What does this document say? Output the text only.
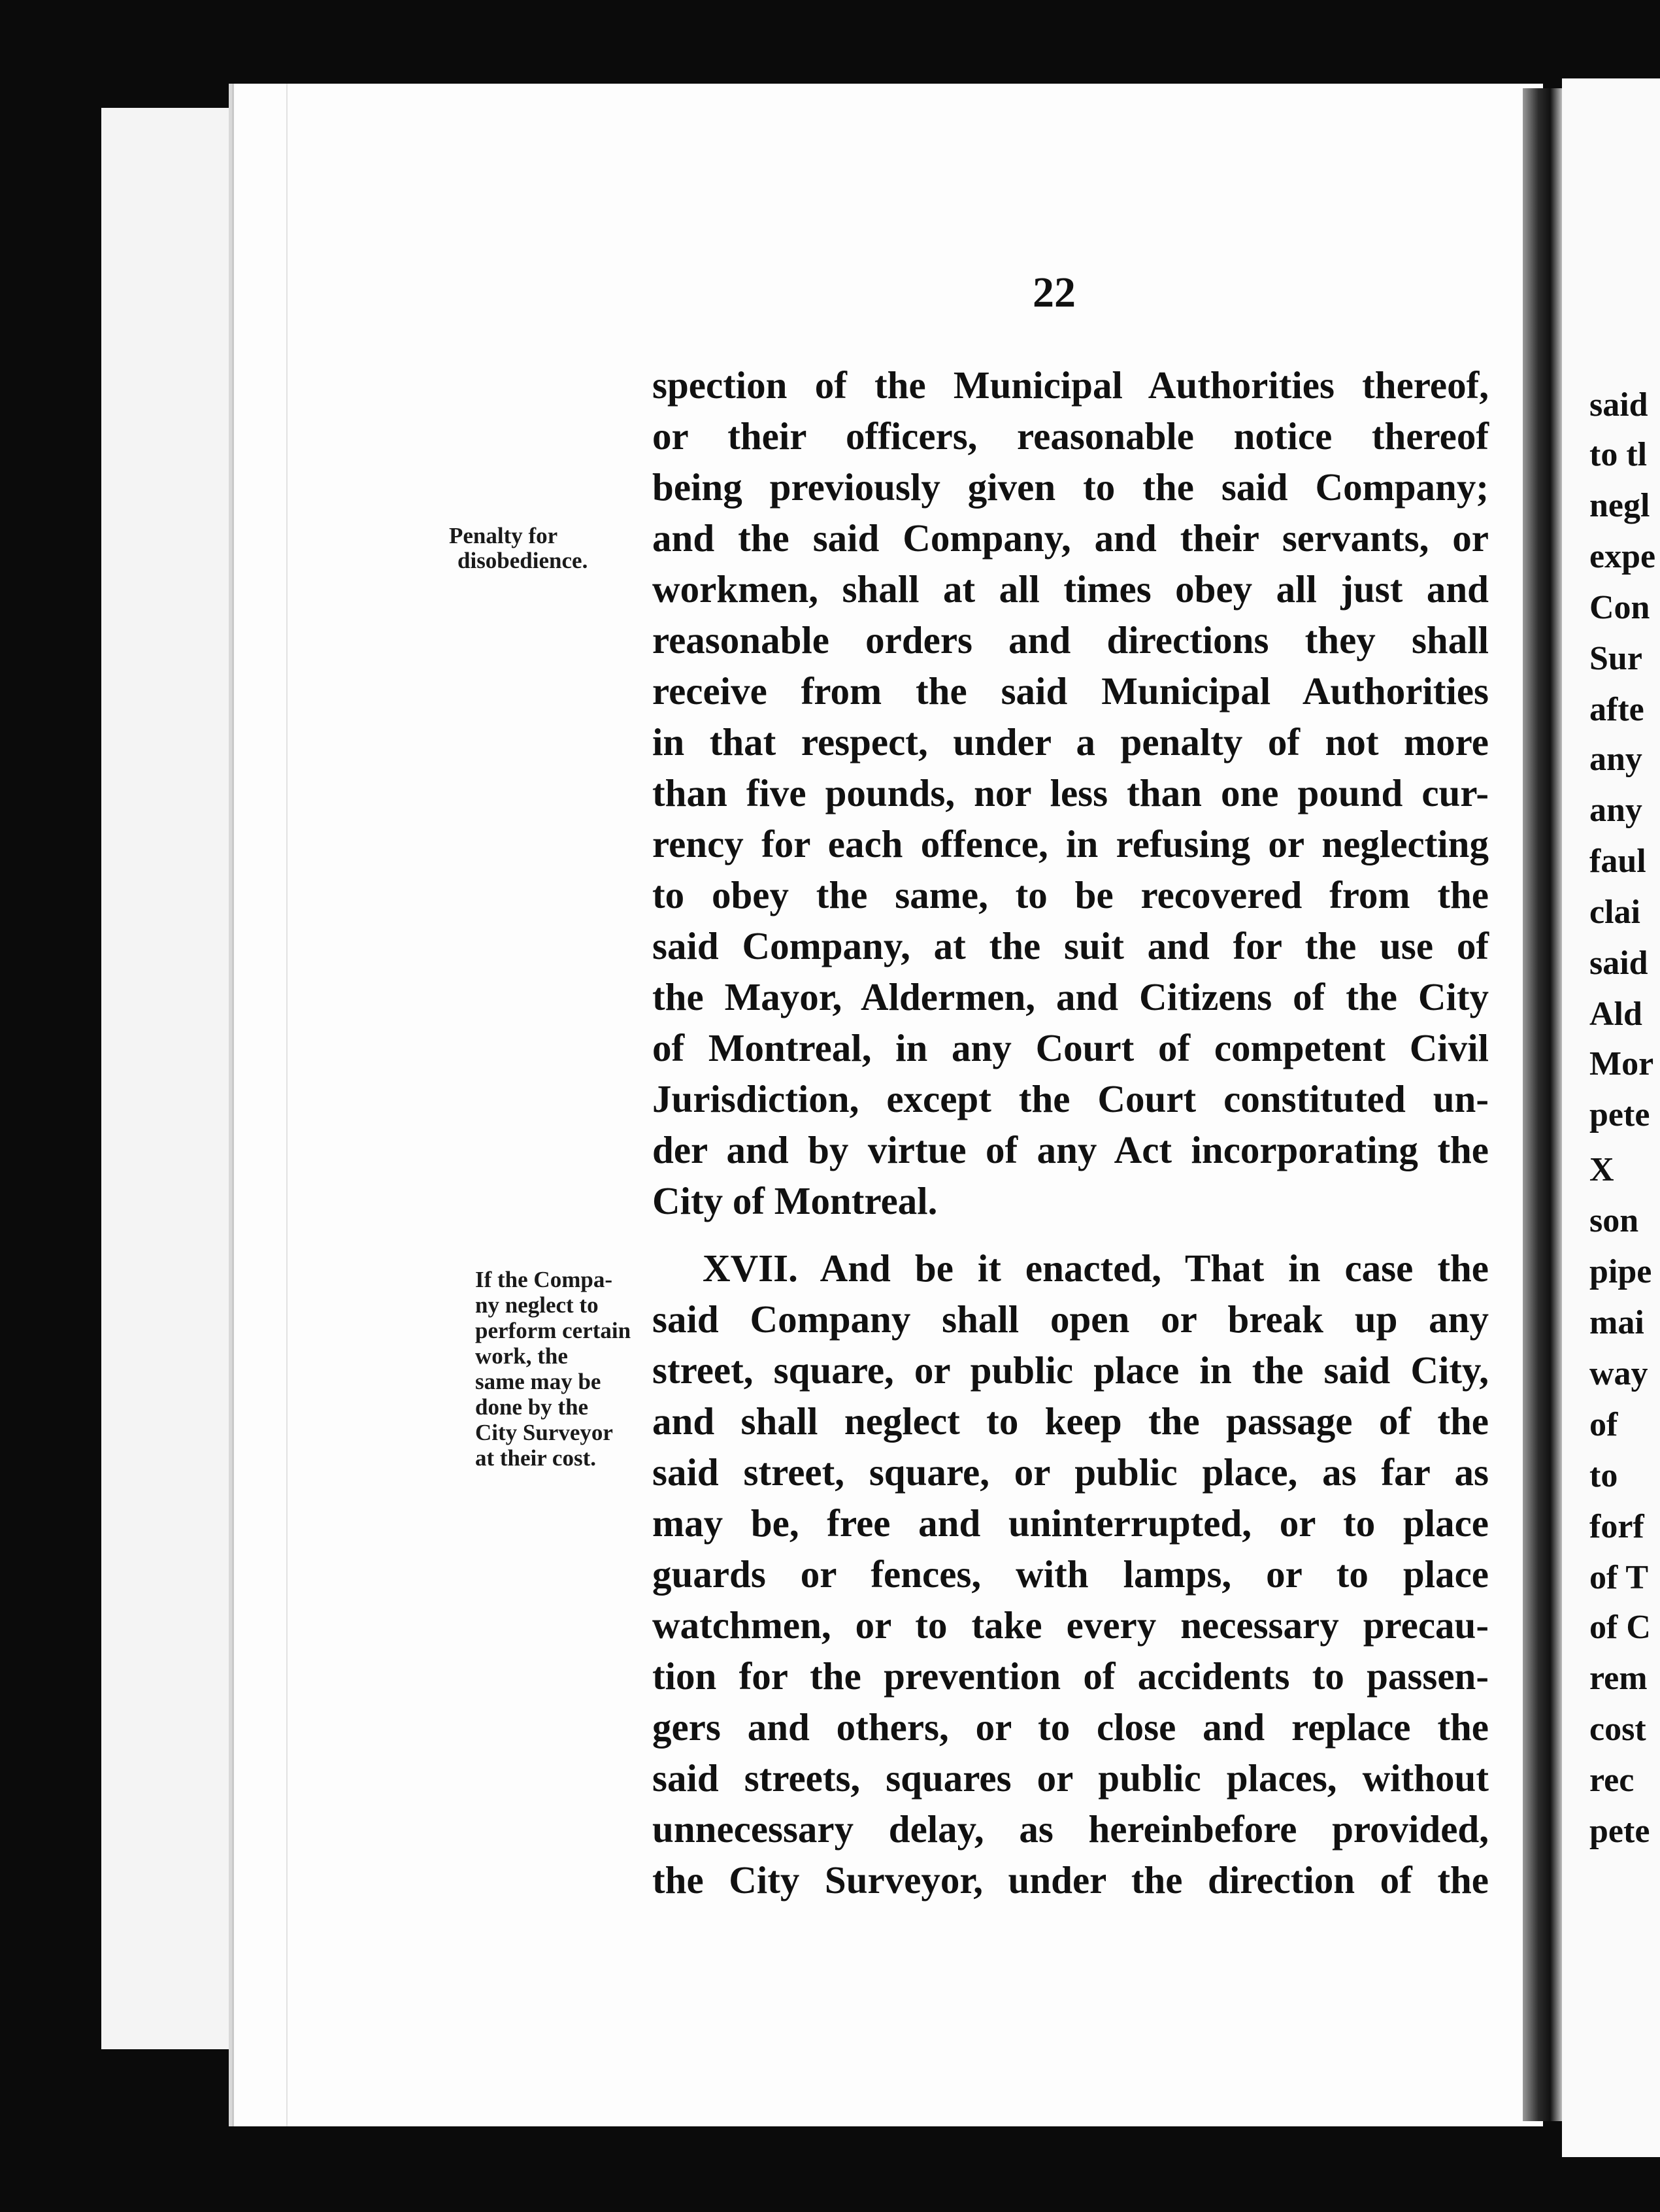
said
to tl
negl
expe
Con
Sur
afte
any
any
faul
clai
said
Ald
Mor
pete
X
son
pipe
mai
way
of
to
forf
of T
of C
rem
cost
rec
pete
22
spection of the Municipal Authorities thereof,
or their officers, reasonable notice thereof
being previously given to the said Company;
and the said Company, and their servants, or
workmen, shall at all times obey all just and
reasonable orders and directions they shall
receive from the said Municipal Authorities
in that respect, under a penalty of not more
than five pounds, nor less than one pound cur-
rency for each offence, in refusing or neglecting
to obey the same, to be recovered from the
said Company, at the suit and for the use of
the Mayor, Aldermen, and Citizens of the City
of Montreal, in any Court of competent Civil
Jurisdiction, except the Court constituted un-
der and by virtue of any Act incorporating the
City of Montreal.
XVII. And be it enacted, That in case the
said Company shall open or break up any
street, square, or public place in the said City,
and shall neglect to keep the passage of the
said street, square, or public place, as far as
may be, free and uninterrupted, or to place
guards or fences, with lamps, or to place
watchmen, or to take every necessary precau-
tion for the prevention of accidents to passen-
gers and others, or to close and replace the
said streets, squares or public places, without
unnecessary delay, as hereinbefore provided,
the City Surveyor, under the direction of the
Penalty for
disobedience.
If the Compa-
ny neglect to
perform certain
work, the
same may be
done by the
City Surveyor
at their cost.
